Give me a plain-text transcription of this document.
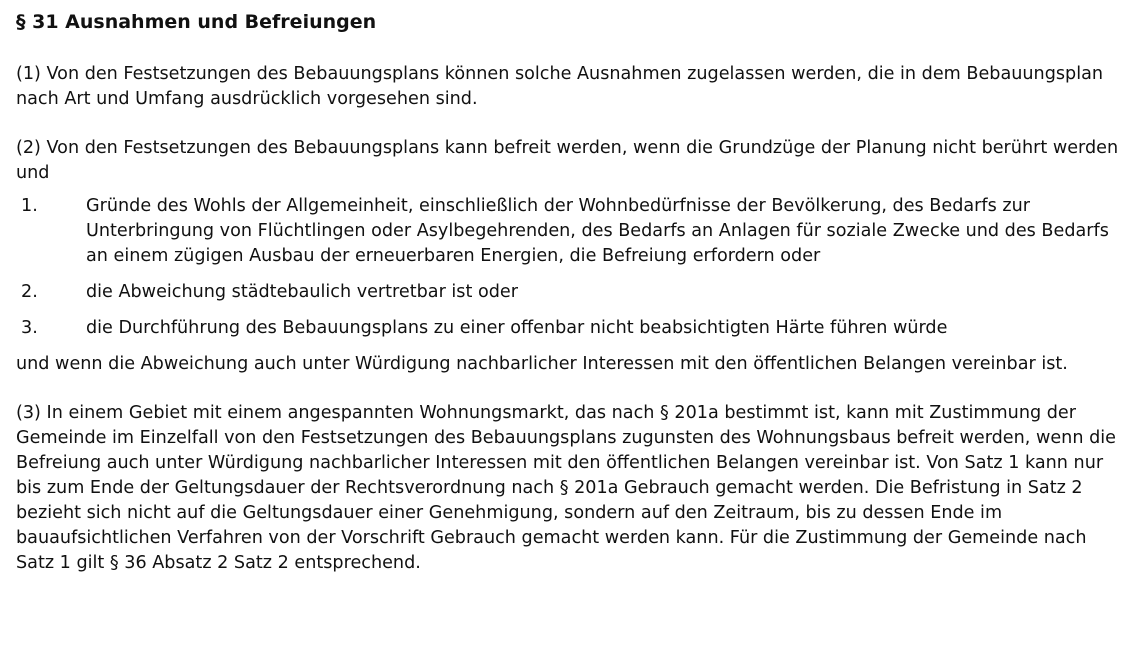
§ 31 Ausnahmen und Befreiungen

(1) Von den Festsetzungen des Bebauungsplans können solche Ausnahmen zugelassen werden, die in dem Bebauungsplan nach Art und Umfang ausdrücklich vorgesehen sind.

(2) Von den Festsetzungen des Bebauungsplans kann befreit werden, wenn die Grundzüge der Planung nicht berührt werden und

1.	Gründe des Wohls der Allgemeinheit, einschließlich der Wohnbedürfnisse der Bevölkerung, des Bedarfs zur Unterbringung von Flüchtlingen oder Asylbegehrenden, des Bedarfs an Anlagen für soziale Zwecke und des Bedarfs an einem zügigen Ausbau der erneuerbaren Energien, die Befreiung erfordern oder
2.	die Abweichung städtebaulich vertretbar ist oder
3.	die Durchführung des Bebauungsplans zu einer offenbar nicht beabsichtigten Härte führen würde

und wenn die Abweichung auch unter Würdigung nachbarlicher Interessen mit den öffentlichen Belangen vereinbar ist.

(3) In einem Gebiet mit einem angespannten Wohnungsmarkt, das nach § 201a bestimmt ist, kann mit Zustimmung der Gemeinde im Einzelfall von den Festsetzungen des Bebauungsplans zugunsten des Wohnungsbaus befreit werden, wenn die Befreiung auch unter Würdigung nachbarlicher Interessen mit den öffentlichen Belangen vereinbar ist. Von Satz 1 kann nur bis zum Ende der Geltungsdauer der Rechtsverordnung nach § 201a Gebrauch gemacht werden. Die Befristung in Satz 2 bezieht sich nicht auf die Geltungsdauer einer Genehmigung, sondern auf den Zeitraum, bis zu dessen Ende im bauaufsichtlichen Verfahren von der Vorschrift Gebrauch gemacht werden kann. Für die Zustimmung der Gemeinde nach Satz 1 gilt § 36 Absatz 2 Satz 2 entsprechend.
